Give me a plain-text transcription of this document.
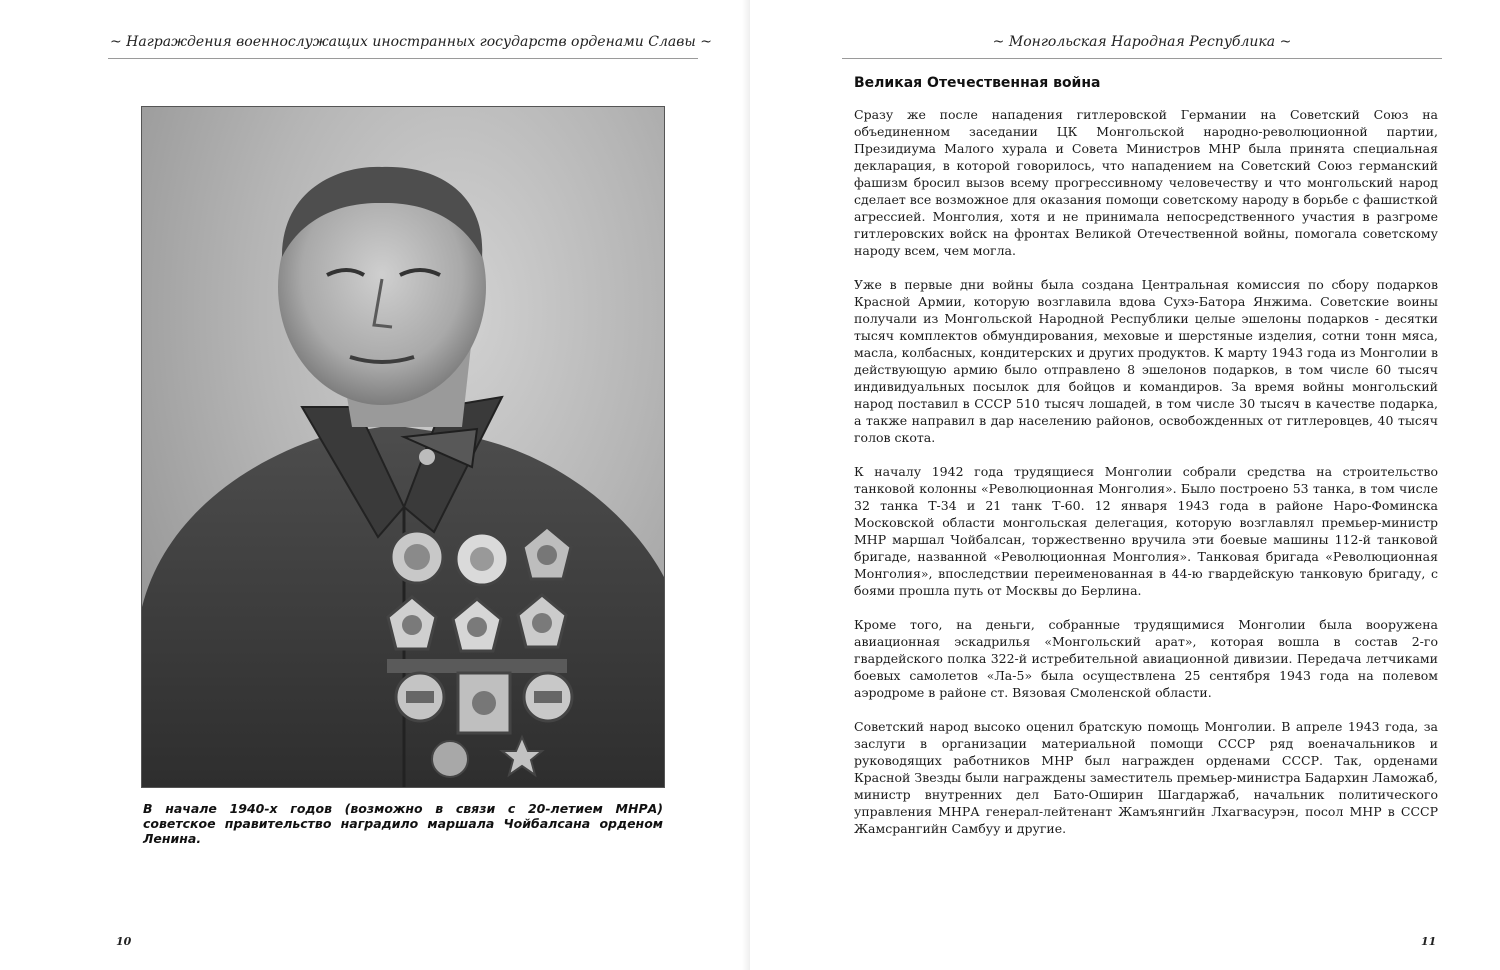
~ Награждения военнослужащих иностранных государств орденами Славы ~
В начале 1940-х годов (возможно в связи с 20-летием МНРА) советское правительство наградило маршала Чойбалсана орденом Ленина.
10
~ Монгольская Народная Республика ~
Великая Отечественная война

Сразу же после нападения гитлеровской Германии на Советский Союз на объединенном заседании ЦК Монгольской народно-революционной партии, Президиума Малого хурала и Совета Министров МНР была принята специальная декларация, в которой говорилось, что нападением на Советский Союз германский фашизм бросил вызов всему прогрессивному человечеству и что монгольский народ сделает все возможное для оказания помощи советскому народу в борьбе с фашисткой агрессией. Монголия, хотя и не принимала непосредственного участия в разгроме гитлеровских войск на фронтах Великой Отечественной войны, помогала советскому народу всем, чем могла.

Уже в первые дни войны была создана Центральная комиссия по сбору подарков Красной Армии, которую возглавила вдова Сухэ-Батора Янжима. Советские воины получали из Монгольской Народной Республики целые эшелоны подарков - десятки тысяч комплектов обмундирования, меховые и шерстяные изделия, сотни тонн мяса, масла, колбасных, кондитерских и других продуктов. К марту 1943 года из Монголии в действующую армию было отправлено 8 эшелонов подарков, в том числе 60 тысяч индивидуальных посылок для бойцов и командиров. За время войны монгольский народ поставил в СССР 510 тысяч лошадей, в том числе 30 тысяч в качестве подарка, а также направил в дар населению районов, освобожденных от гитлеровцев, 40 тысяч голов скота.

К началу 1942 года трудящиеся Монголии собрали средства на строительство танковой колонны «Революционная Монголия». Было построено 53 танка, в том числе 32 танка Т-34 и 21 танк Т-60. 12 января 1943 года в районе Наро-Фоминска Московской области монгольская делегация, которую возглавлял премьер-министр МНР маршал Чойбалсан, торжественно вручила эти боевые машины 112-й танковой бригаде, названной «Революционная Монголия». Танковая бригада «Революционная Монголия», впоследствии переименованная в 44-ю гвардейскую танковую бригаду, с боями прошла путь от Москвы до Берлина.

Кроме того, на деньги, собранные трудящимися Монголии была вооружена авиационная эскадрилья «Монгольский арат», которая вошла в состав 2-го гвардейского полка 322-й истребительной авиационной дивизии. Передача летчиками боевых самолетов «Ла-5» была осуществлена 25 сентября 1943 года на полевом аэродроме в районе ст. Вязовая Смоленской области.

Советский народ высоко оценил братскую помощь Монголии. В апреле 1943 года, за заслуги в организации материальной помощи СССР ряд военачальников и руководящих работников МНР был награжден орденами СССР. Так, орденами Красной Звезды были награждены заместитель премьер-министра Бадархин Ламожаб, министр внутренних дел Бато-Оширин Шагдаржаб, начальник политического управления МНРА генерал-лейтенант Жамъянгийн Лхагвасурэн, посол МНР в СССР Жамсрангийн Самбуу и другие.

11
